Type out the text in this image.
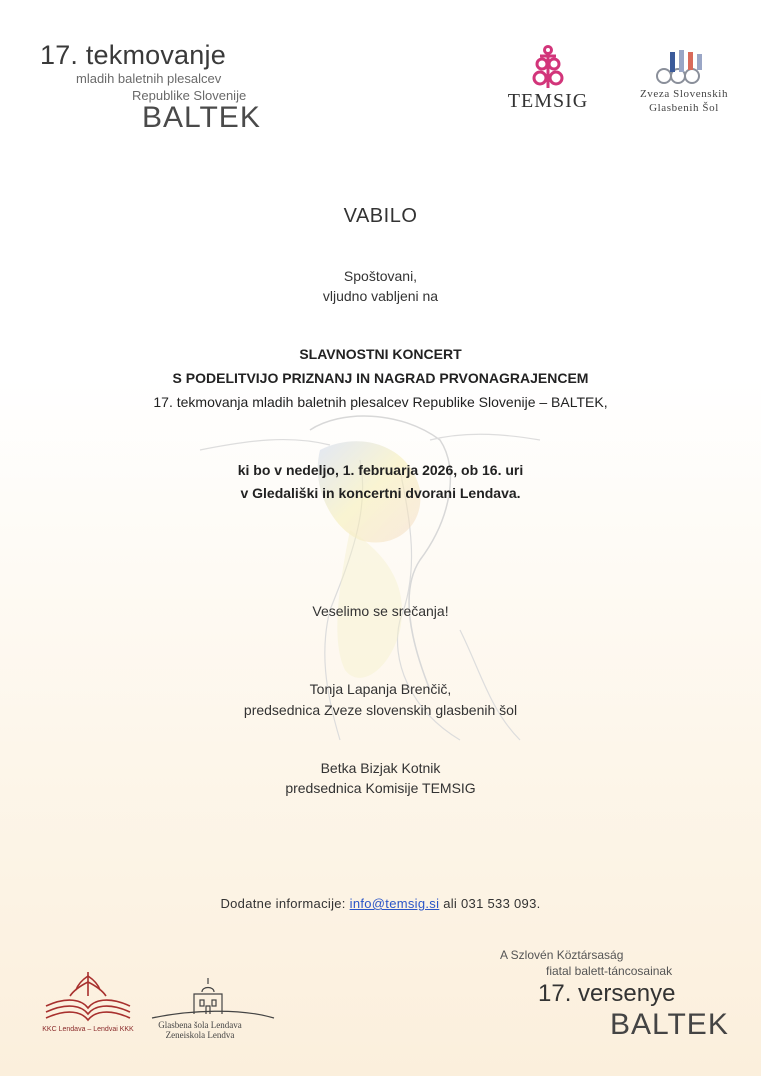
17. tekmovanje
mladih baletnih plesalcev
Republike Slovenije
BALTEK	TEMSIG	Zveza Slovenskih
Glasbenih Šol
VABILO
Spoštovani,
vljudno vabljeni na
SLAVNOSTNI KONCERT
S PODELITVIJO PRIZNANJ IN NAGRAD PRVONAGRAJENCEM
17. tekmovanja mladih baletnih plesalcev Republike Slovenije – BALTEK,
ki bo v nedeljo, 1. februarja 2026, ob 16. uri
v Gledališki in koncertni dvorani Lendava.
Veselimo se srečanja!
Tonja Lapanja Brenčič,
predsednica Zveze slovenskih glasbenih šol
Betka Bizjak Kotnik
predsednica Komisije TEMSIG
Dodatne informacije: info@temsig.si ali 031 533 093.
A Szlovén Köztársaság
fiatal balett-táncosainak
17. versenye
BALTEK
KKC Lendava – Lendvai KKK	Glasbena šola Lendava
Zeneiskola Lendva
